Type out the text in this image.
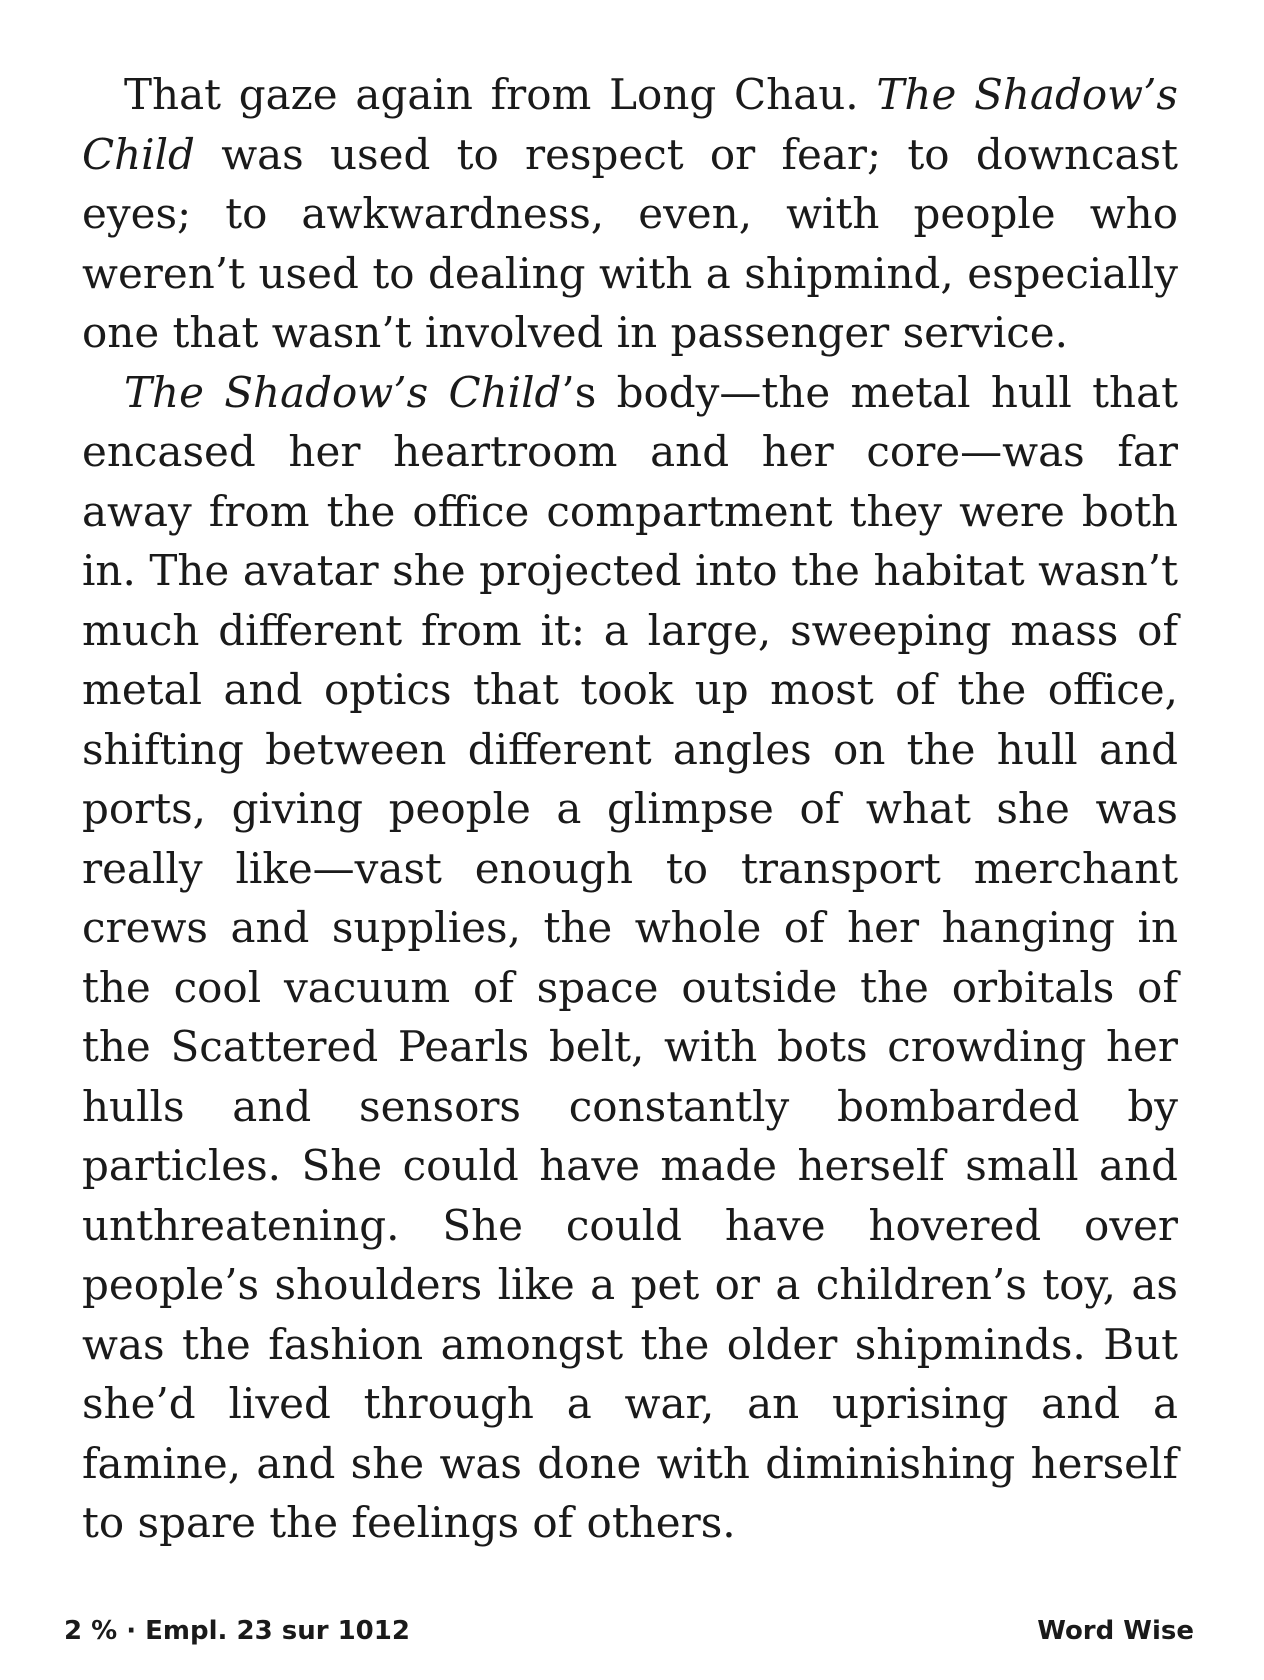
That gaze again from Long Chau. The Shadow’s Child was used to respect or fear; to downcast eyes; to awkwardness, even, with people who weren’t used to dealing with a shipmind, especially one that wasn’t involved in passenger service.

The Shadow’s Child’s body—the metal hull that encased her heartroom and her core—was far away from the office compartment they were both in. The avatar she projected into the habitat wasn’t much different from it: a large, sweeping mass of metal and optics that took up most of the office, shifting between different angles on the hull and ports, giving people a glimpse of what she was really like—vast enough to transport merchant crews and supplies, the whole of her hanging in the cool vacuum of space outside the orbitals of the Scattered Pearls belt, with bots crowding her hulls and sensors constantly bombarded by particles. She could have made herself small and unthreatening. She could have hovered over people’s shoulders like a pet or a children’s toy, as was the fashion amongst the older shipminds. But she’d lived through a war, an uprising and a famine, and she was done with diminishing herself to spare the feelings of others.

2 % · Empl. 23 sur 1012	Word Wise
